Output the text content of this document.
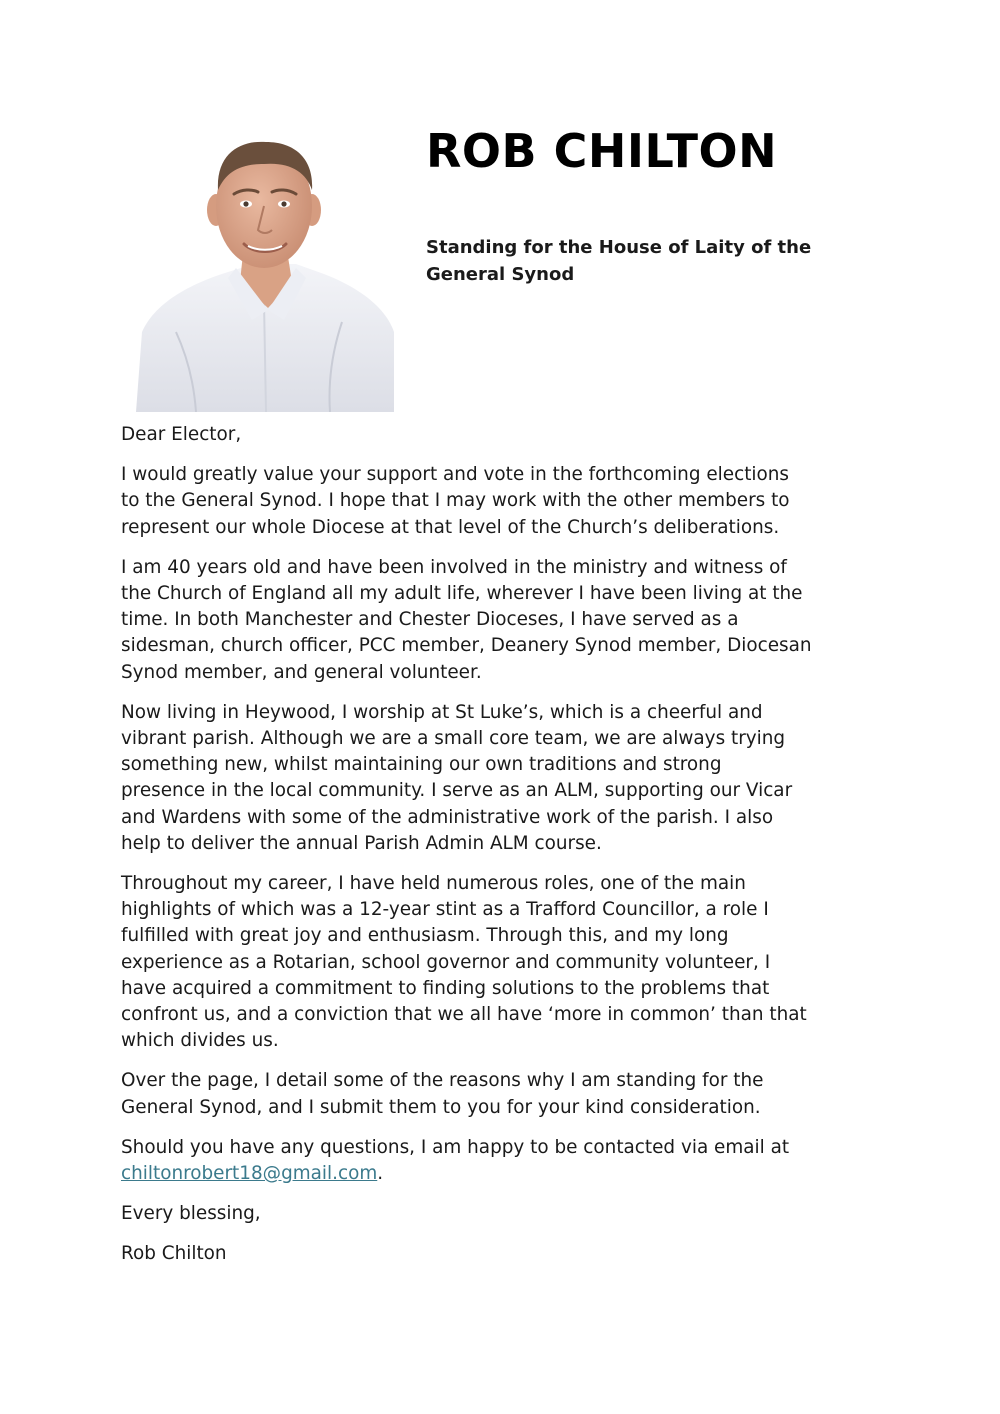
ROB CHILTON
Standing for the House of Laity of the General Synod

Dear Elector,

I would greatly value your support and vote in the forthcoming elections
to the General Synod. I hope that I may work with the other members to
represent our whole Diocese at that level of the Church’s deliberations.

I am 40 years old and have been involved in the ministry and witness of
the Church of England all my adult life, wherever I have been living at the
time. In both Manchester and Chester Dioceses, I have served as a
sidesman, church officer, PCC member, Deanery Synod member, Diocesan
Synod member, and general volunteer.

Now living in Heywood, I worship at St Luke’s, which is a cheerful and
vibrant parish. Although we are a small core team, we are always trying
something new, whilst maintaining our own traditions and strong
presence in the local community. I serve as an ALM, supporting our Vicar
and Wardens with some of the administrative work of the parish. I also
help to deliver the annual Parish Admin ALM course.

Throughout my career, I have held numerous roles, one of the main
highlights of which was a 12-year stint as a Trafford Councillor, a role I
fulfilled with great joy and enthusiasm. Through this, and my long
experience as a Rotarian, school governor and community volunteer, I
have acquired a commitment to finding solutions to the problems that
confront us, and a conviction that we all have ‘more in common’ than that
which divides us.

Over the page, I detail some of the reasons why I am standing for the
General Synod, and I submit them to you for your kind consideration.

Should you have any questions, I am happy to be contacted via email at
chiltonrobert18@gmail.com.

Every blessing,

Rob Chilton
